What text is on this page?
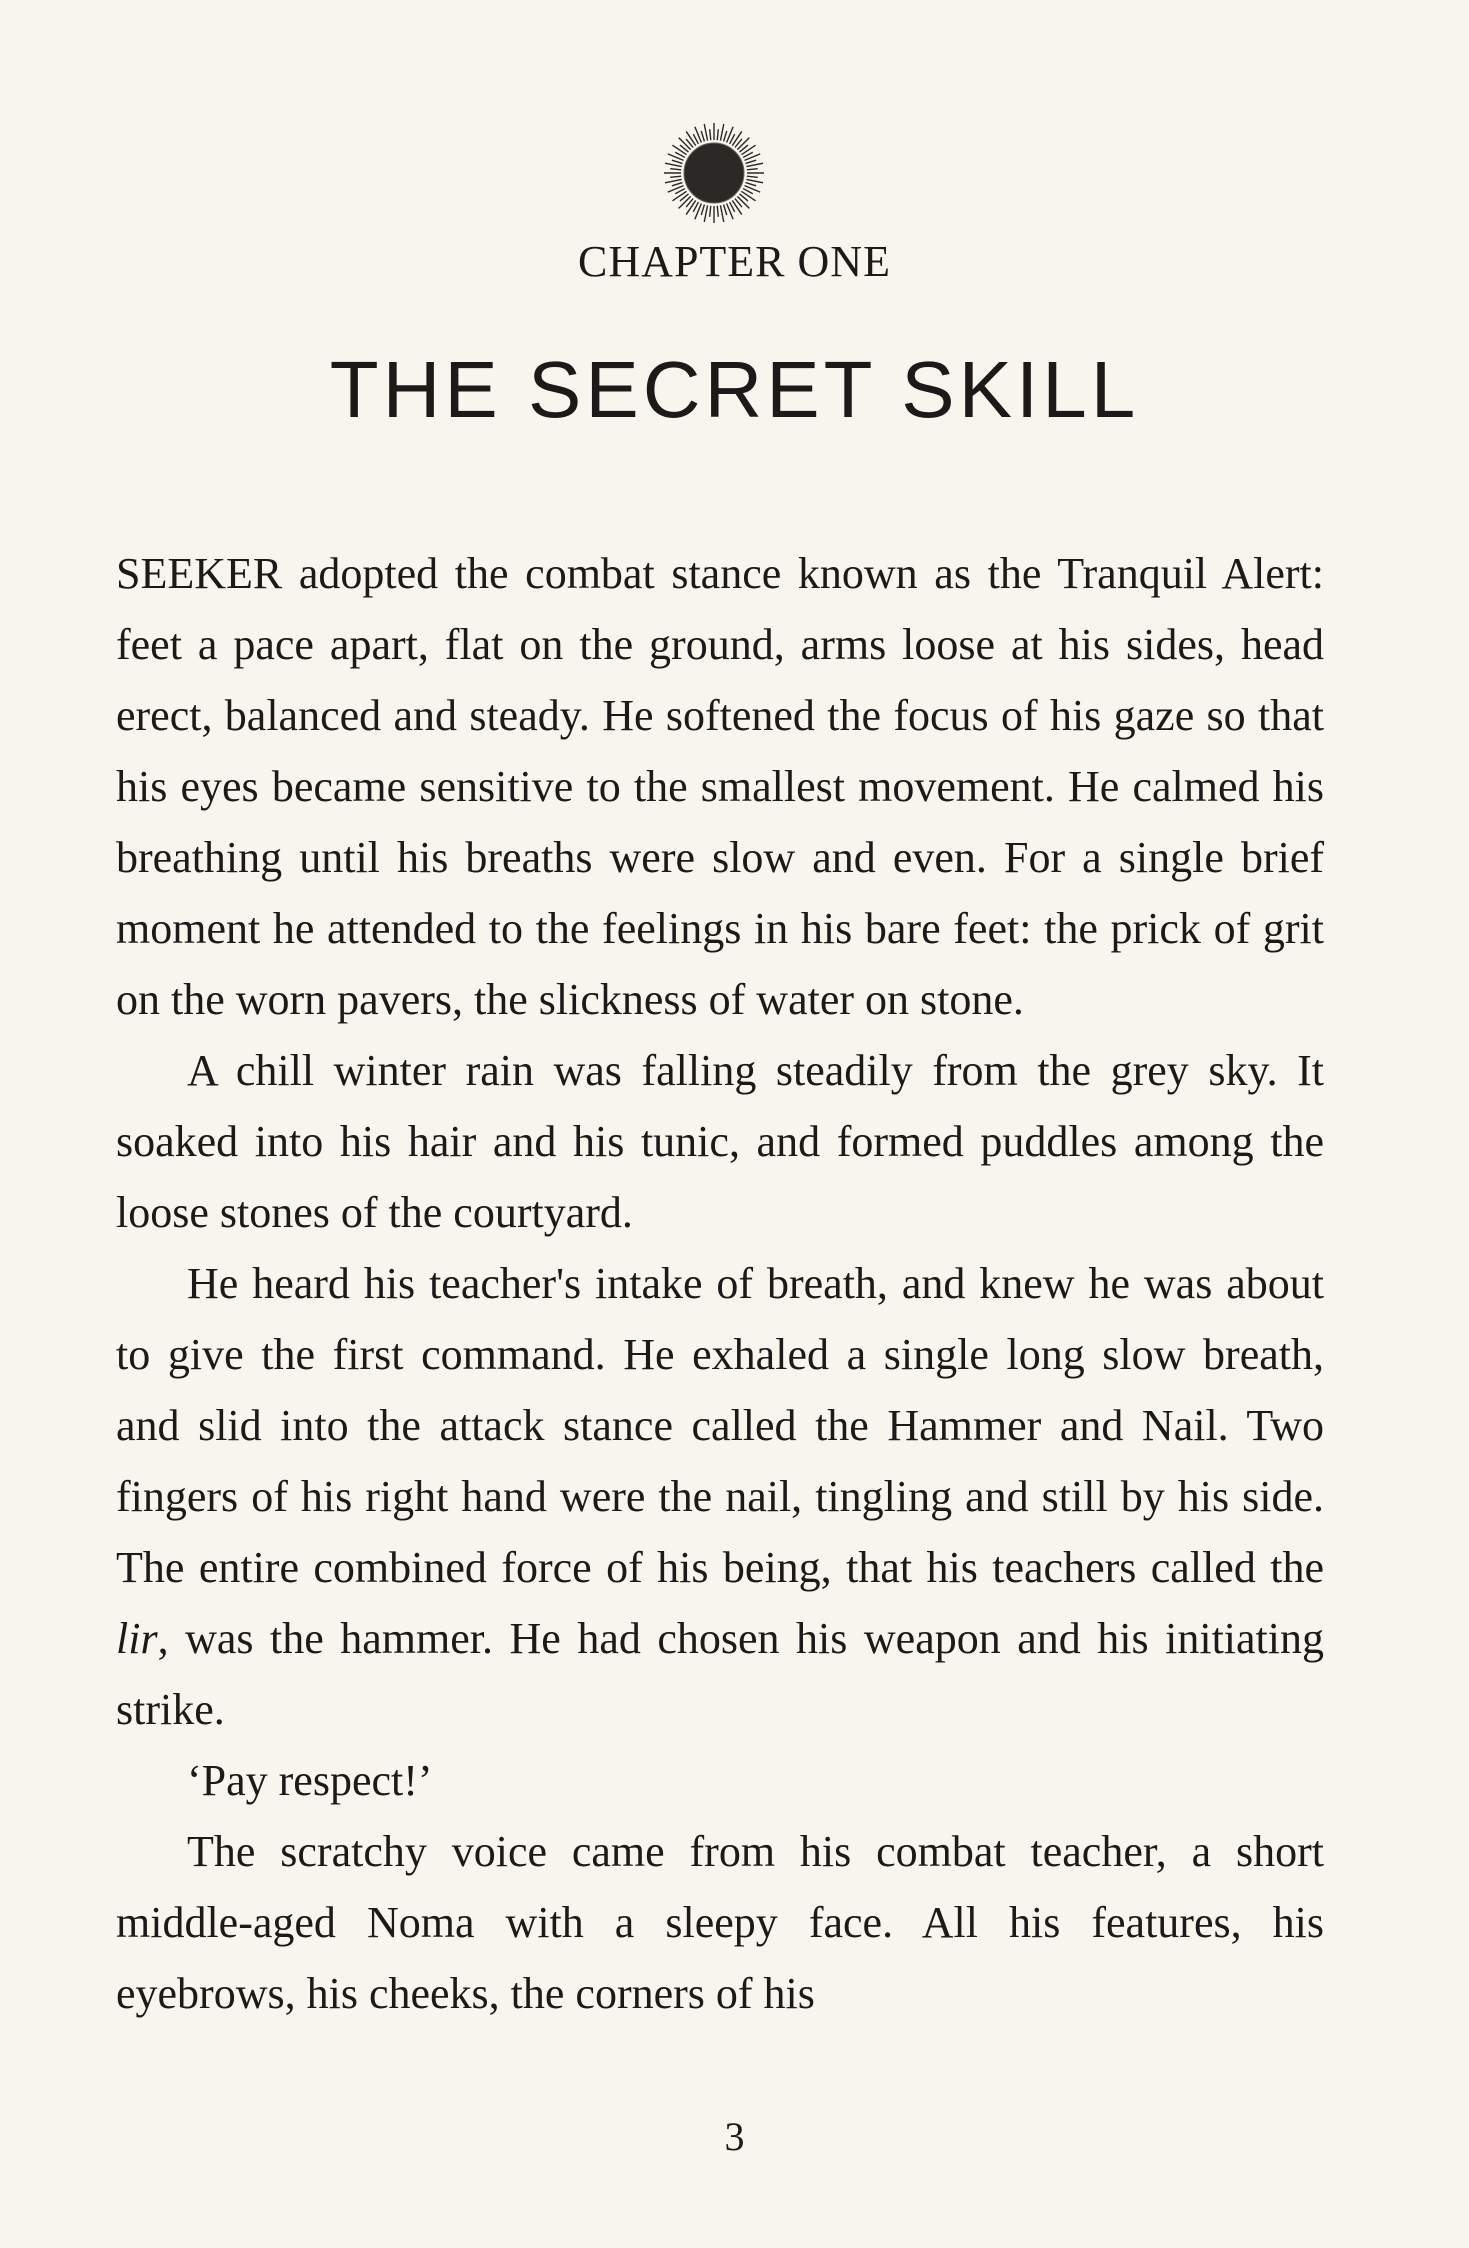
CHAPTER ONE
THE SECRET SKILL

SEEKER adopted the combat stance known as the Tranquil Alert: feet a pace apart, flat on the ground, arms loose at his sides, head erect, balanced and steady. He softened the focus of his gaze so that his eyes became sensitive to the smallest movement. He calmed his breathing until his breaths were slow and even. For a single brief moment he attended to the feelings in his bare feet: the prick of grit on the worn pavers, the slickness of water on stone.

A chill winter rain was falling steadily from the grey sky. It soaked into his hair and his tunic, and formed puddles among the loose stones of the courtyard.

He heard his teacher's intake of breath, and knew he was about to give the first command. He exhaled a single long slow breath, and slid into the attack stance called the Hammer and Nail. Two fingers of his right hand were the nail, tingling and still by his side. The entire combined force of his being, that his teachers called the lir, was the hammer. He had chosen his weapon and his initiating strike.

‘Pay respect!’

The scratchy voice came from his combat teacher, a short middle-aged Noma with a sleepy face. All his features, his eyebrows, his cheeks, the corners of his

3
